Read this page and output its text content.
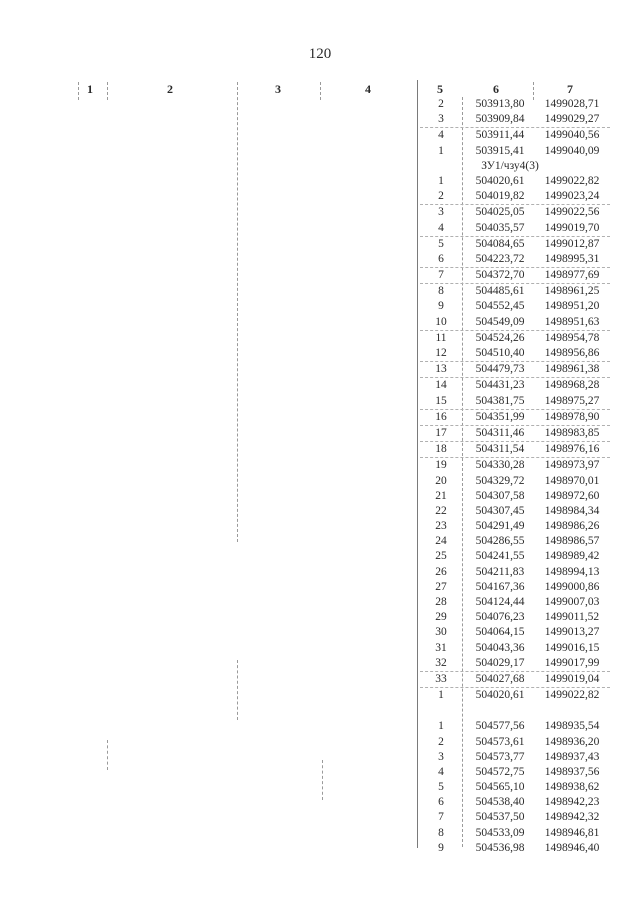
120
1	2	3	4	5	6	7
2	503913,80	1499028,71
3	503909,84	1499029,27
4	503911,44	1499040,56
1	503915,41	1499040,09
ЗУ1/чзу4(3)
1	504020,61	1499022,82
2	504019,82	1499023,24
3	504025,05	1499022,56
4	504035,57	1499019,70
5	504084,65	1499012,87
6	504223,72	1498995,31
7	504372,70	1498977,69
8	504485,61	1498961,25
9	504552,45	1498951,20
10	504549,09	1498951,63
11	504524,26	1498954,78
12	504510,40	1498956,86
13	504479,73	1498961,38
14	504431,23	1498968,28
15	504381,75	1498975,27
16	504351,99	1498978,90
17	504311,46	1498983,85
18	504311,54	1498976,16
19	504330,28	1498973,97
20	504329,72	1498970,01
21	504307,58	1498972,60
22	504307,45	1498984,34
23	504291,49	1498986,26
24	504286,55	1498986,57
25	504241,55	1498989,42
26	504211,83	1498994,13
27	504167,36	1499000,86
28	504124,44	1499007,03
29	504076,23	1499011,52
30	504064,15	1499013,27
31	504043,36	1499016,15
32	504029,17	1499017,99
33	504027,68	1499019,04
1	504020,61	1499022,82
1	504577,56	1498935,54
2	504573,61	1498936,20
3	504573,77	1498937,43
4	504572,75	1498937,56
5	504565,10	1498938,62
6	504538,40	1498942,23
7	504537,50	1498942,32
8	504533,09	1498946,81
9	504536,98	1498946,40
